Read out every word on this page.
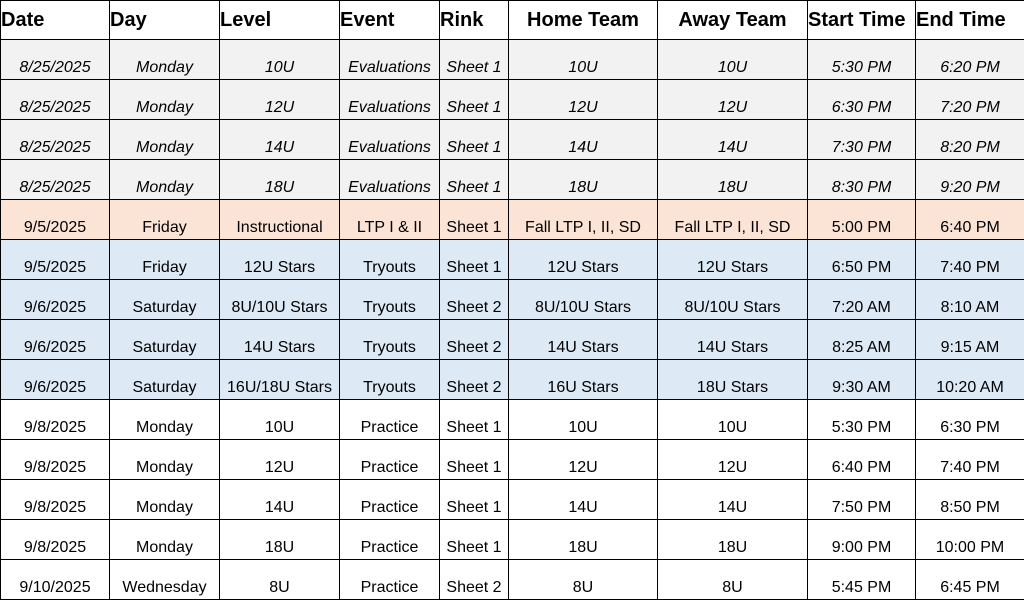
Date	Day	Level	Event	Rink	Home Team	Away Team	Start Time	End Time
8/25/2025	Monday	10U	Evaluations	Sheet 1	10U	10U	5:30 PM	6:20 PM
8/25/2025	Monday	12U	Evaluations	Sheet 1	12U	12U	6:30 PM	7:20 PM
8/25/2025	Monday	14U	Evaluations	Sheet 1	14U	14U	7:30 PM	8:20 PM
8/25/2025	Monday	18U	Evaluations	Sheet 1	18U	18U	8:30 PM	9:20 PM
9/5/2025	Friday	Instructional	LTP I & II	Sheet 1	Fall LTP I, II, SD	Fall LTP I, II, SD	5:00 PM	6:40 PM
9/5/2025	Friday	12U Stars	Tryouts	Sheet 1	12U Stars	12U Stars	6:50 PM	7:40 PM
9/6/2025	Saturday	8U/10U Stars	Tryouts	Sheet 2	8U/10U Stars	8U/10U Stars	7:20 AM	8:10 AM
9/6/2025	Saturday	14U Stars	Tryouts	Sheet 2	14U Stars	14U Stars	8:25 AM	9:15 AM
9/6/2025	Saturday	16U/18U Stars	Tryouts	Sheet 2	16U Stars	18U Stars	9:30 AM	10:20 AM
9/8/2025	Monday	10U	Practice	Sheet 1	10U	10U	5:30 PM	6:30 PM
9/8/2025	Monday	12U	Practice	Sheet 1	12U	12U	6:40 PM	7:40 PM
9/8/2025	Monday	14U	Practice	Sheet 1	14U	14U	7:50 PM	8:50 PM
9/8/2025	Monday	18U	Practice	Sheet 1	18U	18U	9:00 PM	10:00 PM
9/10/2025	Wednesday	8U	Practice	Sheet 2	8U	8U	5:45 PM	6:45 PM
